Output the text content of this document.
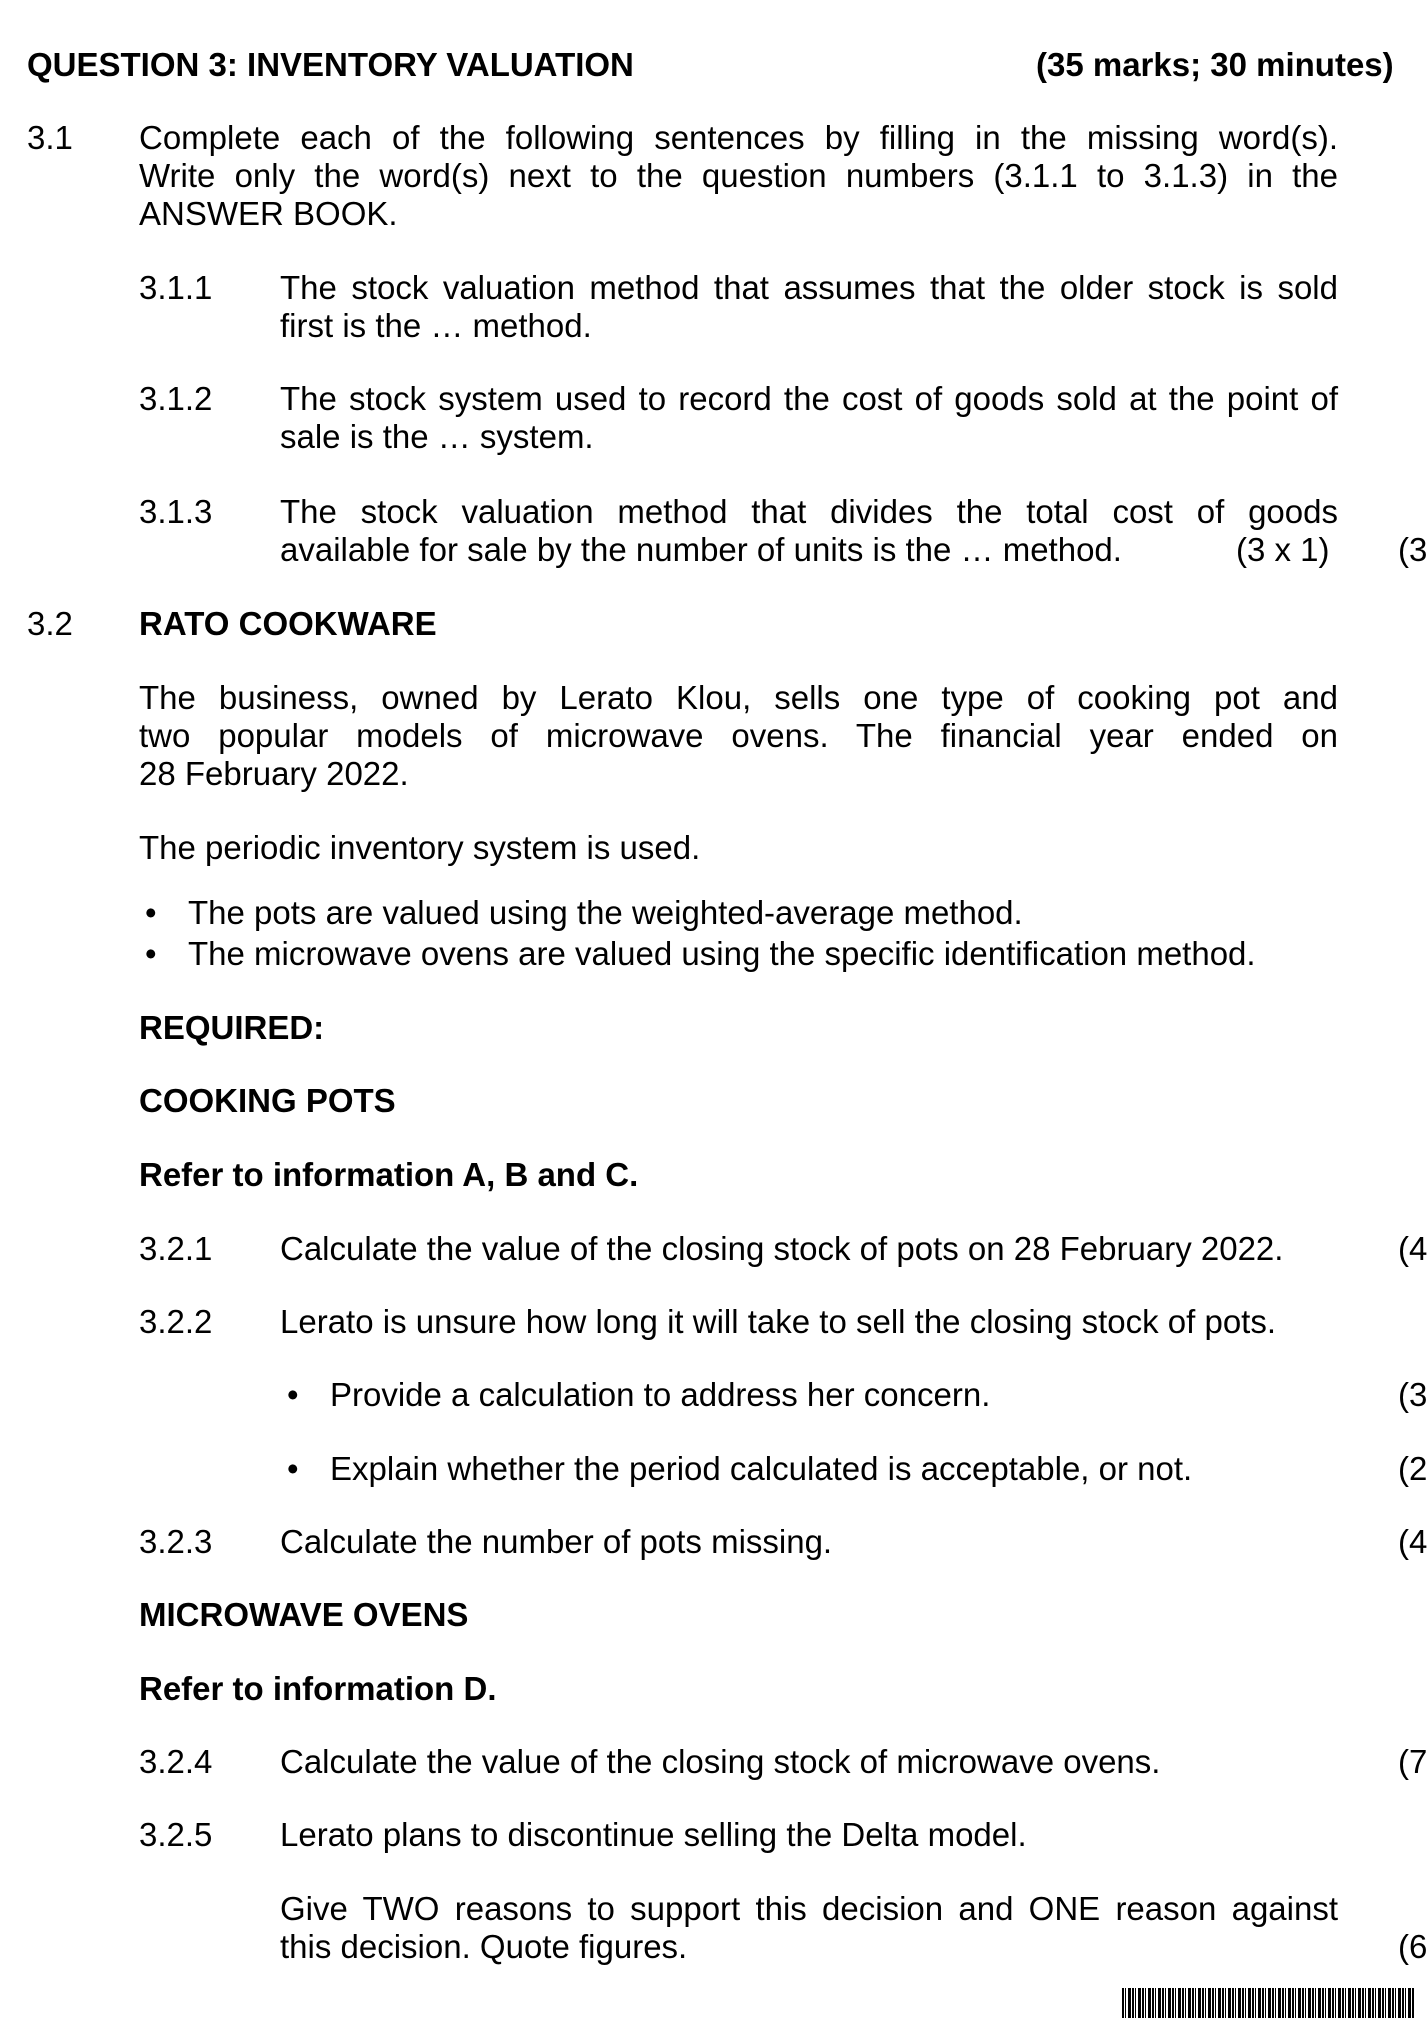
QUESTION 3: INVENTORY VALUATION	(35 marks; 30 minutes)
3.1 Complete each of the following sentences by filling in the missing word(s).
Write only the word(s) next to the question numbers (3.1.1 to 3.1.3) in the
ANSWER BOOK.
3.1.1 The stock valuation method that assumes that the older stock is sold
first is the … method.
3.1.2 The stock system used to record the cost of goods sold at the point of
sale is the … system.
3.1.3 The stock valuation method that divides the total cost of goods
available for sale by the number of units is the … method.	(3 x 1) (3
3.2 RATO COOKWARE
The business, owned by Lerato Klou, sells one type of cooking pot and
two popular models of microwave ovens. The financial year ended on
28 February 2022.
The periodic inventory system is used.
• The pots are valued using the weighted-average method.
• The microwave ovens are valued using the specific identification method.
REQUIRED:
COOKING POTS
Refer to information A, B and C.
3.2.1 Calculate the value of the closing stock of pots on 28 February 2022.	(4
3.2.2 Lerato is unsure how long it will take to sell the closing stock of pots.
• Provide a calculation to address her concern.	(3
• Explain whether the period calculated is acceptable, or not.	(2
3.2.3 Calculate the number of pots missing.	(4
MICROWAVE OVENS
Refer to information D.
3.2.4 Calculate the value of the closing stock of microwave ovens.	(7
3.2.5 Lerato plans to discontinue selling the Delta model.
Give TWO reasons to support this decision and ONE reason against
this decision. Quote figures.	(6
